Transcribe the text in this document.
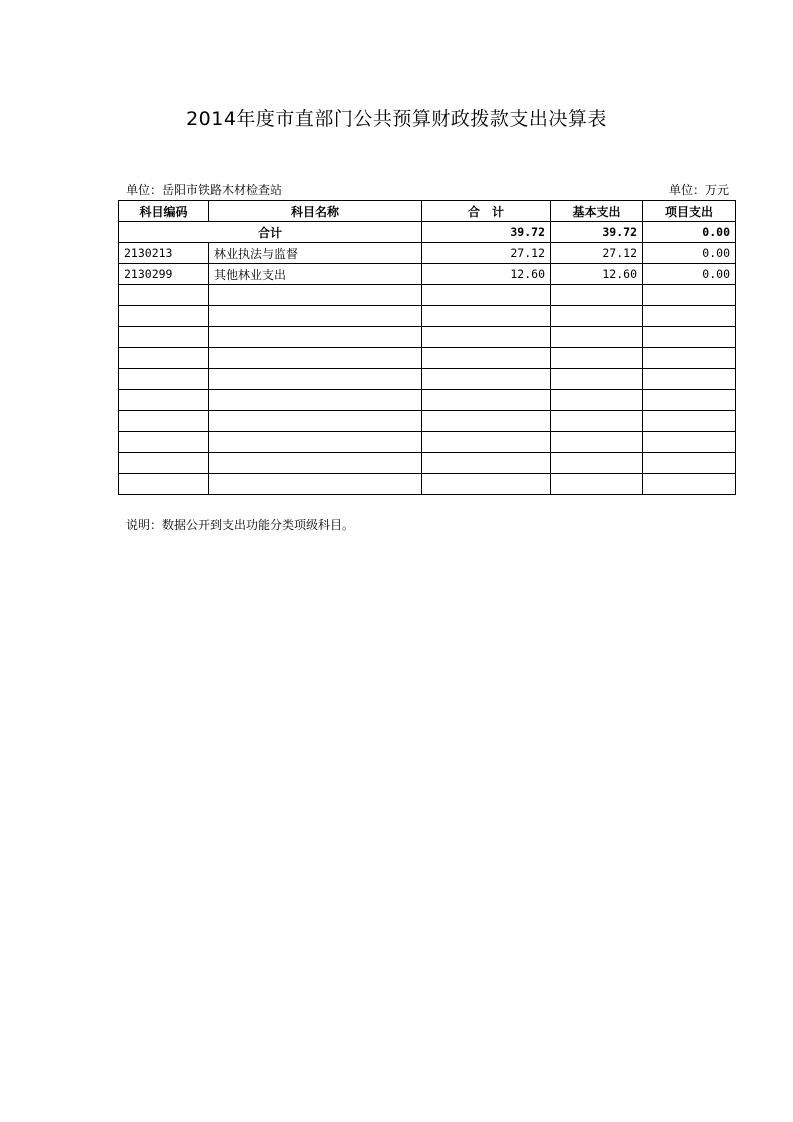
2014年度市直部门公共预算财政拨款支出决算表
单位：岳阳市铁路木材检查站	单位：万元
科目编码	科目名称	合　计	基本支出	项目支出
合计		39.72	39.72	0.00
2130213	林业执法与监督	27.12	27.12	0.00
2130299	其他林业支出	12.60	12.60	0.00

说明：数据公开到支出功能分类项级科目。
